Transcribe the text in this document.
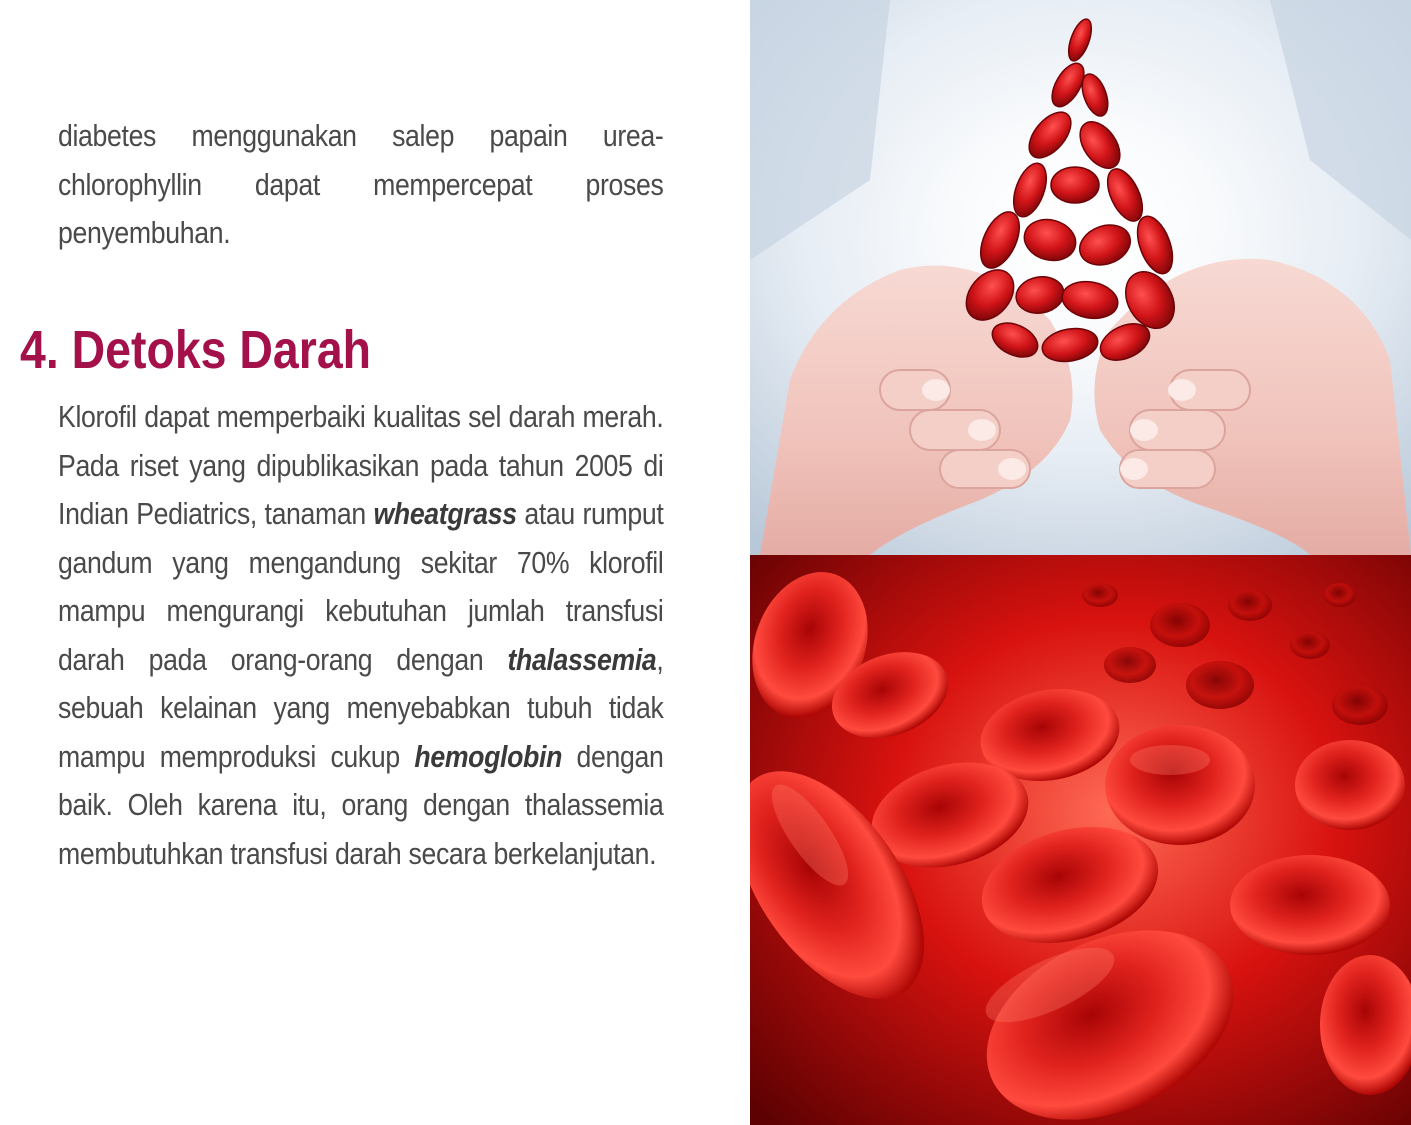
diabetes menggunakan salep papain urea-chlorophyllin dapat mempercepat proses penyembuhan.

4. Detoks Darah

Klorofil dapat memperbaiki kualitas sel darah merah. Pada riset yang dipublikasikan pada tahun 2005 di Indian Pediatrics, tanaman wheatgrass atau rumput gandum yang mengandung sekitar 70% klorofil mampu mengurangi kebutuhan jumlah transfusi darah pada orang-orang dengan thalassemia, sebuah kelainan yang menyebabkan tubuh tidak mampu memproduksi cukup hemoglobin dengan baik. Oleh karena itu, orang dengan thalassemia membutuhkan transfusi darah secara berkelanjutan.
